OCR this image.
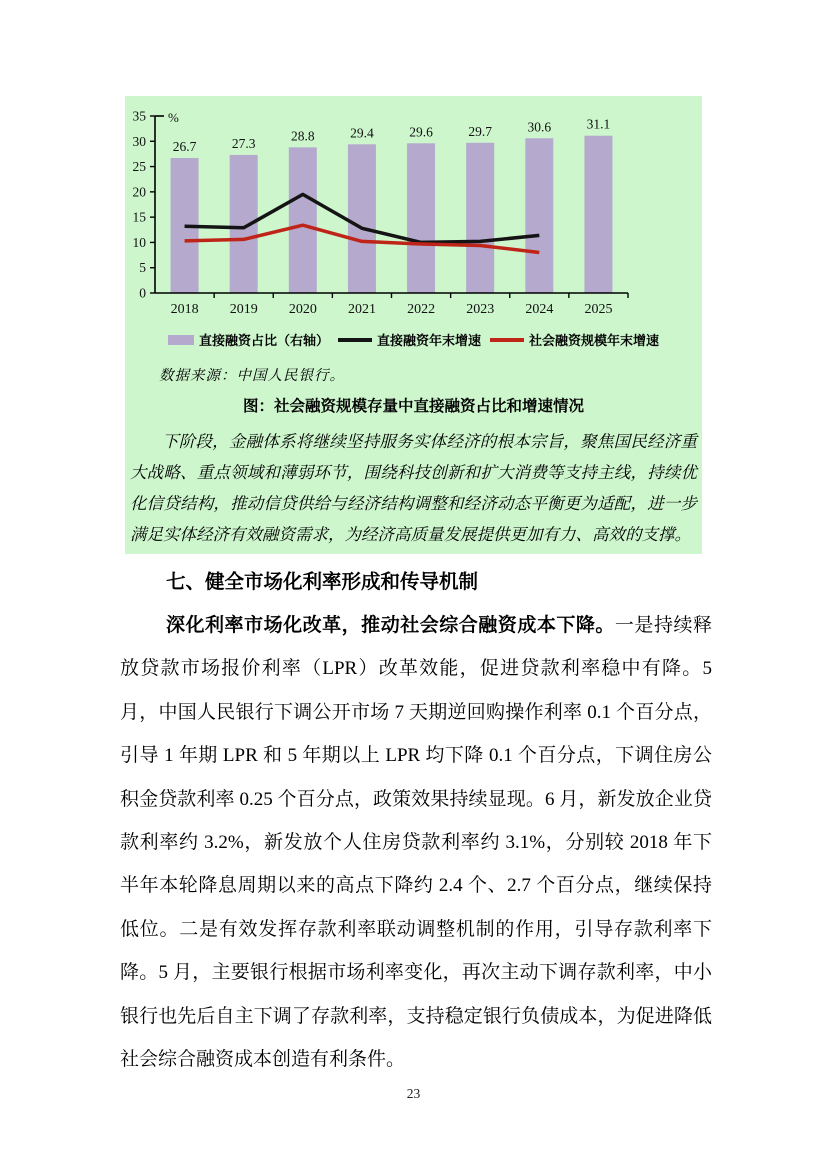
0
5
10
15
20
25
30
35 %
2018 2019 2020 2021 2022 2023 2024 2025
26.7	27.3
28.8	29.4	29.6	29.7	30.6	31.1
直接融资占比（右轴）	直接融资年末增速	社会融资规模年末增速
数据来源：中国人民银行。
图：社会融资规模存量中直接融资占比和增速情况
下阶段，金融体系将继续坚持服务实体经济的根本宗旨，聚焦国民经济重大战略、重点领域和薄弱环节，围绕科技创新和扩大消费等支持主线，持续优化信贷结构，推动信贷供给与经济结构调整和经济动态平衡更为适配，进一步满足实体经济有效融资需求，为经济高质量发展提供更加有力、高效的支撑。
七、健全市场化利率形成和传导机制
深化利率市场化改革，推动社会综合融资成本下降。一是持续释放贷款市场报价利率（LPR）改革效能，促进贷款利率稳中有降。5 月，中国人民银行下调公开市场 7 天期逆回购操作利率 0.1 个百分点，引导 1 年期 LPR 和 5 年期以上 LPR 均下降 0.1 个百分点，下调住房公积金贷款利率 0.25 个百分点，政策效果持续显现。6 月，新发放企业贷款利率约 3.2%，新发放个人住房贷款利率约 3.1%，分别较 2018 年下半年本轮降息周期以来的高点下降约 2.4 个、2.7 个百分点，继续保持低位。二是有效发挥存款利率联动调整机制的作用，引导存款利率下降。5 月，主要银行根据市场利率变化，再次主动下调存款利率，中小银行也先后自主下调了存款利率，支持稳定银行负债成本，为促进降低社会综合融资成本创造有利条件。
23
